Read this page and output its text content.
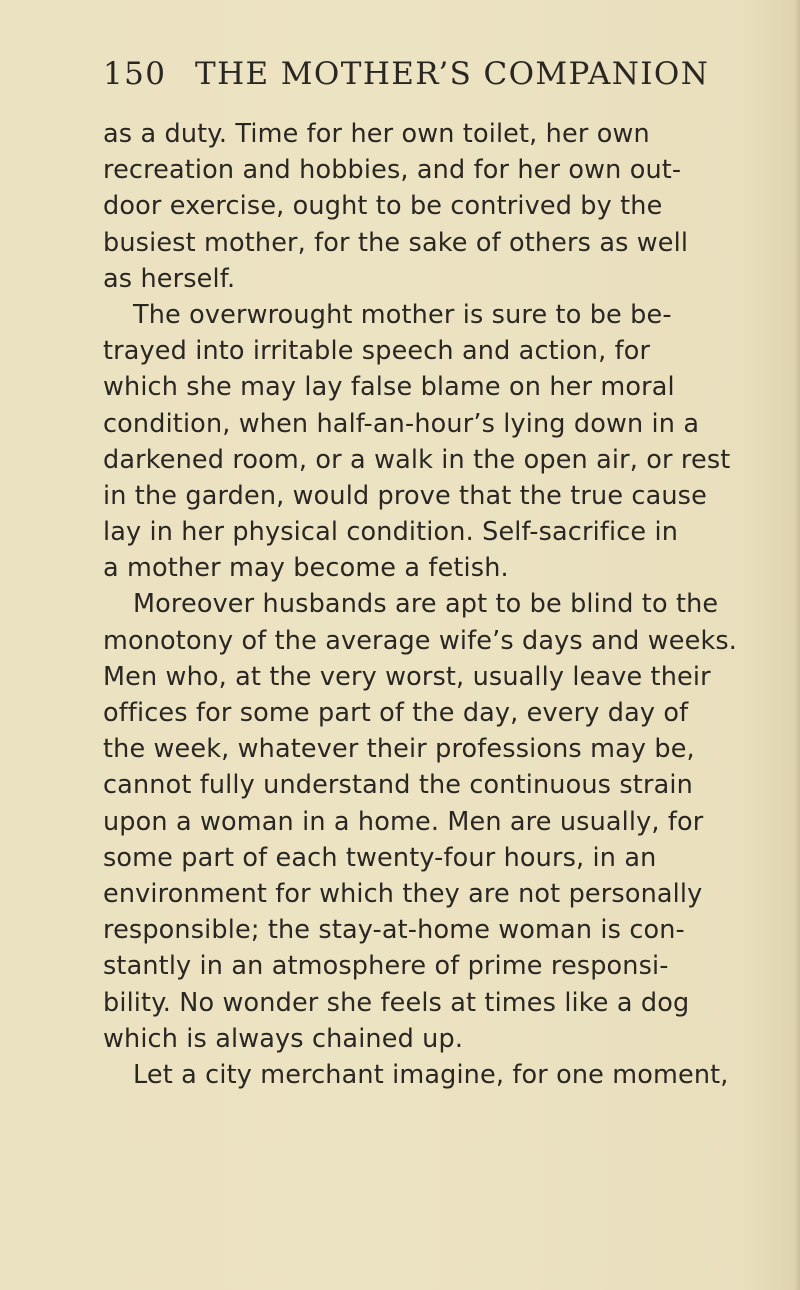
150 THE MOTHER’S COMPANION
as a duty. Time for her own toilet, her own
recreation and hobbies, and for her own out-
door exercise, ought to be contrived by the
busiest mother, for the sake of others as well
as herself.
The overwrought mother is sure to be be-
trayed into irritable speech and action, for
which she may lay false blame on her moral
condition, when half-an-hour’s lying down in a
darkened room, or a walk in the open air, or rest
in the garden, would prove that the true cause
lay in her physical condition. Self-sacrifice in
a mother may become a fetish.
Moreover husbands are apt to be blind to the
monotony of the average wife’s days and weeks.
Men who, at the very worst, usually leave their
offices for some part of the day, every day of
the week, whatever their professions may be,
cannot fully understand the continuous strain
upon a woman in a home. Men are usually, for
some part of each twenty-four hours, in an
environment for which they are not personally
responsible; the stay-at-home woman is con-
stantly in an atmosphere of prime responsi-
bility. No wonder she feels at times like a dog
which is always chained up.
Let a city merchant imagine, for one moment,
